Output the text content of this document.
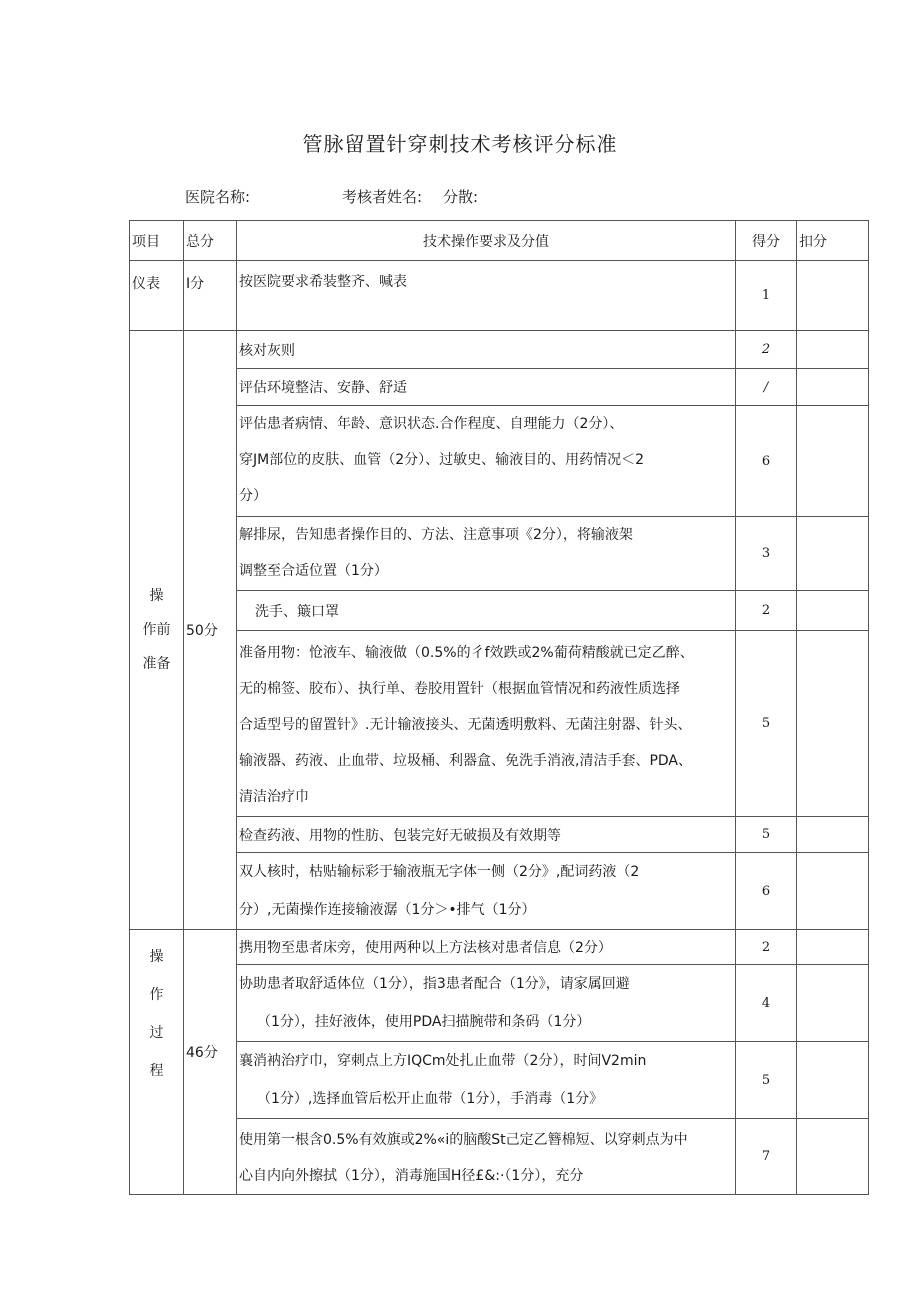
管脉留置针穿刺技术考核评分标准
医院名称:	考核者姓名: 分散:
项目	总分	技术操作要求及分值	得分	扣分
仪表	I分	按医院要求希装整齐、喊表	1	

操
作前
准备	50分	核对灰则	2	
		评估环境整洁、安静、舒适	/	

		评估患者病情、年龄、意识状态.合作程度、自理能力（2分）、
穿JM部位的皮肤、血管（2分）、过敏史、输液目的、用药情况＜2
分）	6	

		解排尿，告知患者操作目的、方法、注意事项《2分），将输液架
调整至合适位置（1分）	3	
		洗手、簸口罩	2	

		准备用物：怆液车、输液做（0.5%的彳f效跌或2%葡荷精酸就已定乙醉、
无的棉签、胶布）、执行单、卷胶用置针（根据血管情况和药液性质选择
合适型号的留置针》.无计输液接头、无菌透明敷料、无菌注射器、针头、
输液器、药液、止血带、垃圾桶、利器盒、免洗手消液,清洁手套、PDA、
清洁治疗巾	5	
		检查药液、用物的性肪、包装完好无破损及有效期等	5	

		双人核时，枯贴输标彩于输液瓶无字体一侧（2分》,配词药液（2
分）,无菌操作连接输液潺（1分＞•排气（1分）	6	

操
作
过
程	46分	携用物至患者床旁，使用两种以上方法核对患者信息（2分）	2	

		协助患者取舒适体位（1分），指3患者配合（1分》，请家属回避
（1分），挂好液体，使用PDA扫描腕带和条码（1分）	4	

		襄消衲治疗巾，穿刺点上方IQCm处扎止血带（2分），时间V2min
（1分）,选择血管后松开止血带（1分），手消毒（1分》	5	

		使用第一根含0.5%有效旗或2%«i的脑酸St己定乙簪棉短、以穿刺点为中
心自内向外擦拭（1分），消毒施国H径£&:·（1分），充分	7	
